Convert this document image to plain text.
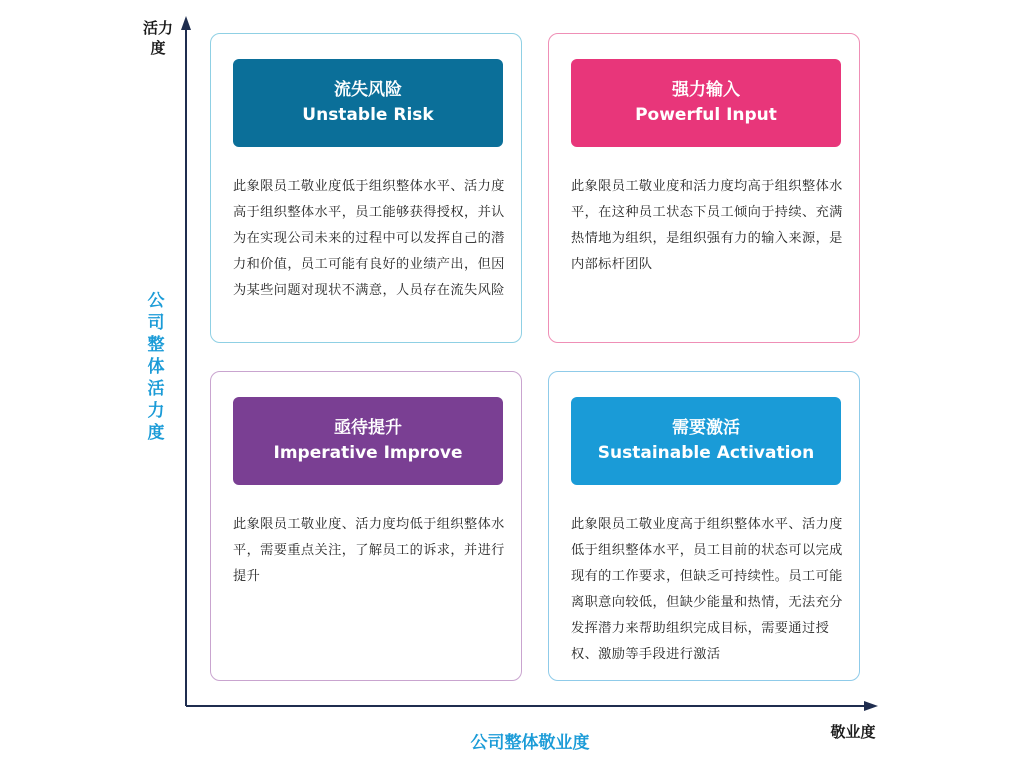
活力度
公司整体活力度
敬业度
公司整体敬业度
流失风险
Unstable Risk
此象限员工敬业度低于组织整体水平、活力度高于组织整体水平，员工能够获得授权，并认为在实现公司未来的过程中可以发挥自己的潜力和价值，员工可能有良好的业绩产出，但因为某些问题对现状不满意，人员存在流失风险
强力输入
Powerful Input
此象限员工敬业度和活力度均高于组织整体水平，在这种员工状态下员工倾向于持续、充满热情地为组织，是组织强有力的输入来源，是内部标杆团队
亟待提升
Imperative Improve
此象限员工敬业度、活力度均低于组织整体水平，需要重点关注，了解员工的诉求，并进行提升
需要激活
Sustainable Activation
此象限员工敬业度高于组织整体水平、活力度低于组织整体水平，员工目前的状态可以完成现有的工作要求，但缺乏可持续性。员工可能离职意向较低，但缺少能量和热情，无法充分发挥潜力来帮助组织完成目标，需要通过授权、激励等手段进行激活
